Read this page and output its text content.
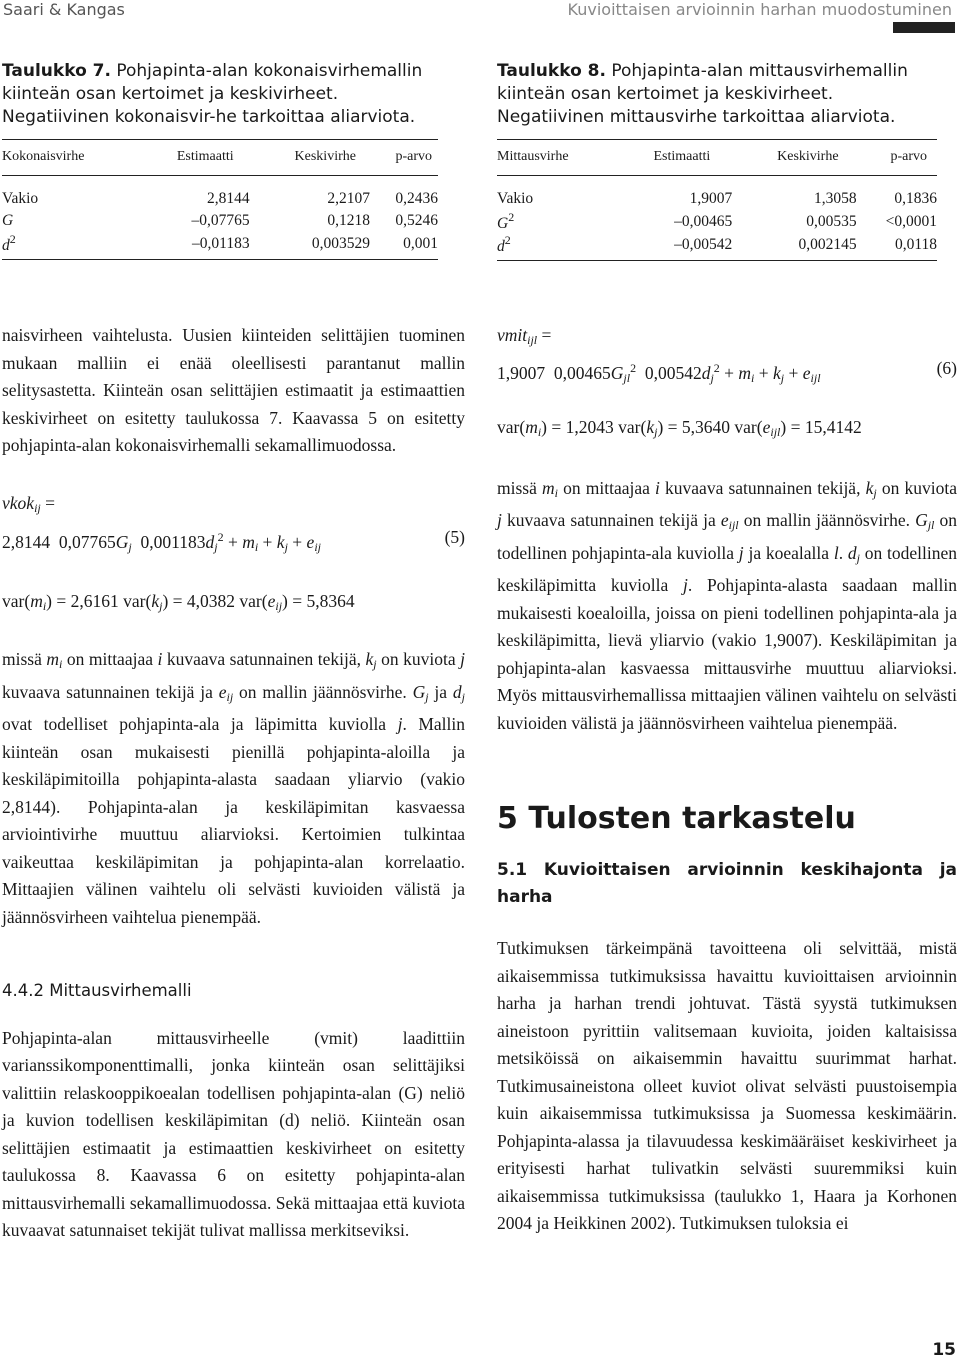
Saari & Kangas	Kuvioittaisen arvioinnin harhan muodostuminen
Taulukko 7. Pohjapinta-alan kokonaisvirhemallin kiinteän osan kertoimet ja keskivirheet. Negatiivinen kokonaisvir-he tarkoittaa aliarviota.
Kokonaisvirhe	Estimaatti	Keskivirhe	p-arvo
Vakio	2,8144	2,2107	0,2436
G	–0,07765	0,1218	0,5246
$d^2$	–0,01183	0,003529	0,001
Taulukko 8. Pohjapinta-alan mittausvirhemallin kiinteän osan kertoimet ja keskivirheet. Negatiivinen mittausvirhe tarkoittaa aliarviota.
Mittausvirhe	Estimaatti	Keskivirhe	p-arvo
Vakio	1,9007	1,3058	0,1836
$G^2$	–0,00465	0,00535	<0,0001
$d^2$	–0,00542	0,002145	0,0118

naisvirheen vaihtelusta. Uusien kiinteiden selittäjien tuominen mukaan malliin ei enää oleellisesti parantanut mallin selitysastetta. Kiinteän osan selittäjien estimaatit ja estimaattien keskivirheet on esitetty taulukossa 7. Kaavassa 5 on esitetty pohjapinta-alan kokonaisvirhemalli sekamallimuodossa.

vkokij =
2,8144 0,07765Gj $0,001183dj^2$ + mi + kj + eij	(5)
var(mi) = 2,6161 var(kj) = 4,0382 var(eij) = 5,8364

missä mi on mittaajaa i kuvaava satunnainen tekijä, kj on kuviota j kuvaava satunnainen tekijä ja eij on mallin jäännösvirhe. Gj ja dj ovat todelliset pohjapinta-ala ja läpimitta kuviolla j. Mallin kiinteän osan mukaisesti pienillä pohjapinta-aloilla ja keskiläpimitoilla pohjapinta-alasta saadaan yliarvio (vakio 2,8144). Pohjapinta-alan ja keskiläpimitan kasvaessa arviointivirhe muuttuu aliarvioksi. Kertoimien tulkintaa vaikeuttaa keskiläpimitan ja pohjapinta-alan korrelaatio. Mittaajien välinen vaihtelu oli selvästi kuvioiden välistä ja jäännösvirheen vaihtelua pienempää.

4.4.2 Mittausvirhemalli

Pohjapinta-alan mittausvirheelle (vmit) laadittiin varianssikomponenttimalli, jonka kiinteän osan selittäjiksi valittiin relaskooppikoealan todellisen pohjapinta-alan (G) neliö ja kuvion todellisen keskiläpimitan (d) neliö. Kiinteän osan selittäjien estimaatit ja estimaattien keskivirheet on esitetty taulukossa 8. Kaavassa 6 on esitetty pohjapinta-alan mittausvirhemalli sekamallimuodossa. Sekä mittaajaa että kuviota kuvaavat satunnaiset tekijät tulivat mallissa merkitseviksi.

vmitijl =
1,9007 0,00465Gjl$^2$ $0,00542dj^2$ + mi + kj + eijl	(6)
var(mi) = 1,2043 var(kj) = 5,3640 var(eijl) = 15,4142

missä mi on mittaajaa i kuvaava satunnainen tekijä, kj on kuviota j kuvaava satunnainen tekijä ja eijl on mallin jäännösvirhe. Gjl on todellinen pohjapinta-ala kuviolla j ja koealalla l. dj on todellinen keskiläpimitta kuviolla j. Pohjapinta-alasta saadaan mallin mukaisesti koealoilla, joissa on pieni todellinen pohjapinta-ala ja keskiläpimitta, lievä yliarvio (vakio 1,9007). Keskiläpimitan ja pohjapinta-alan kasvaessa mittausvirhe muuttuu aliarvioksi. Myös mittausvirhemallissa mittaajien välinen vaihtelu on selvästi kuvioiden välistä ja jäännösvirheen vaihtelua pienempää.

5 Tulosten tarkastelu
5.1 Kuvioittaisen arvioinnin keskihajonta ja harha

Tutkimuksen tärkeimpänä tavoitteena oli selvittää, mistä aikaisemmissa tutkimuksissa havaittu kuvioittaisen arvioinnin harha ja harhan trendi johtuvat. Tästä syystä tutkimuksen aineistoon pyrittiin valitsemaan kuvioita, joiden kaltaisissa metsiköissä on aikaisemmin havaittu suurimmat harhat. Tutkimusaineistona olleet kuviot olivat selvästi puustoisempia kuin aikaisemmissa tutkimuksissa ja Suomessa keskimäärin. Pohjapinta-alassa ja tilavuudessa keskimääräiset keskivirheet ja erityisesti harhat tulivatkin selvästi suuremmiksi kuin aikaisemmissa tutkimuksissa (taulukko 1, Haara ja Korhonen 2004 ja Heikkinen 2002). Tutkimuksen tuloksia ei

15
